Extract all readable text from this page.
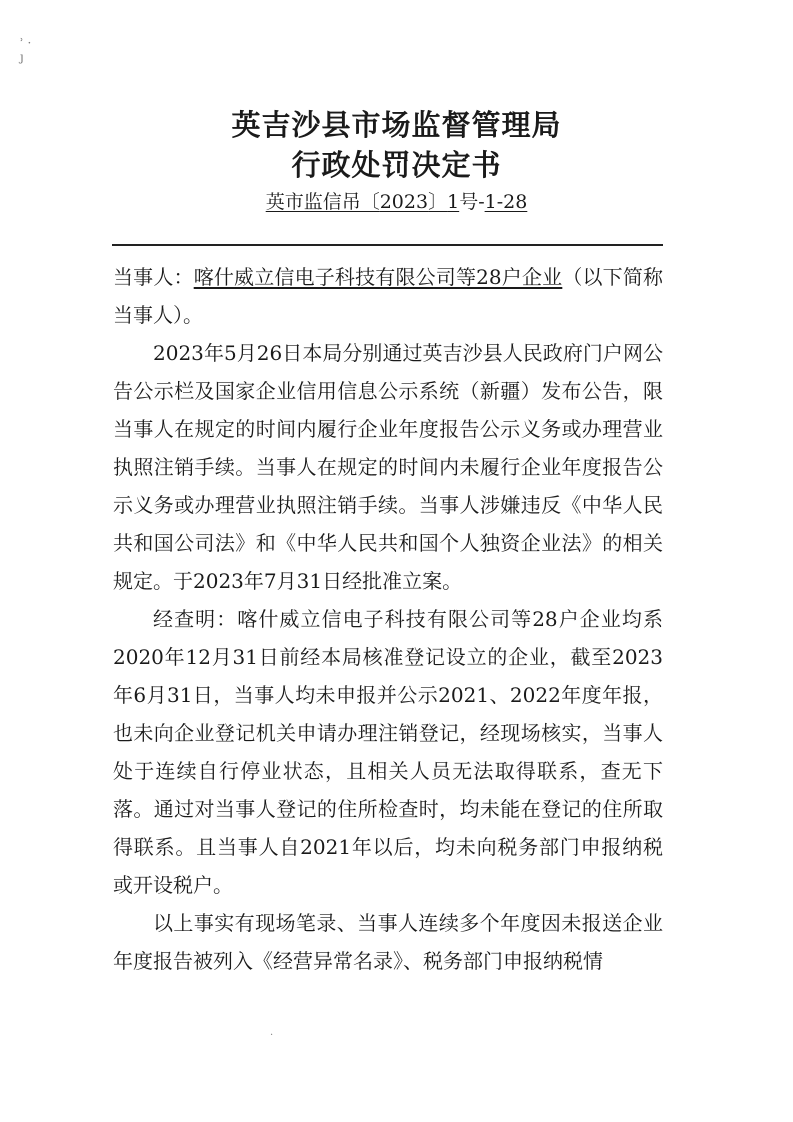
ʾ ·
ȷ
英吉沙县市场监督管理局
行政处罚决定书
英市监信吊〔2023〕1号-1-28

当事人：喀什威立信电子科技有限公司等28户企业（以下简称当事人）。

2023年5月26日本局分别通过英吉沙县人民政府门户网公告公示栏及国家企业信用信息公示系统（新疆）发布公告，限当事人在规定的时间内履行企业年度报告公示义务或办理营业执照注销手续。当事人在规定的时间内未履行企业年度报告公示义务或办理营业执照注销手续。当事人涉嫌违反《中华人民共和国公司法》和《中华人民共和国个人独资企业法》的相关规定。于2023年7月31日经批准立案。

经查明：喀什威立信电子科技有限公司等28户企业均系2020年12月31日前经本局核准登记设立的企业，截至2023年6月31日，当事人均未申报并公示2021、2022年度年报，也未向企业登记机关申请办理注销登记，经现场核实，当事人处于连续自行停业状态，且相关人员无法取得联系，查无下落。通过对当事人登记的住所检查时，均未能在登记的住所取得联系。且当事人自2021年以后，均未向税务部门申报纳税或开设税户。

以上事实有现场笔录、当事人连续多个年度因未报送企业年度报告被列入《经营异常名录》、税务部门申报纳税情

·
